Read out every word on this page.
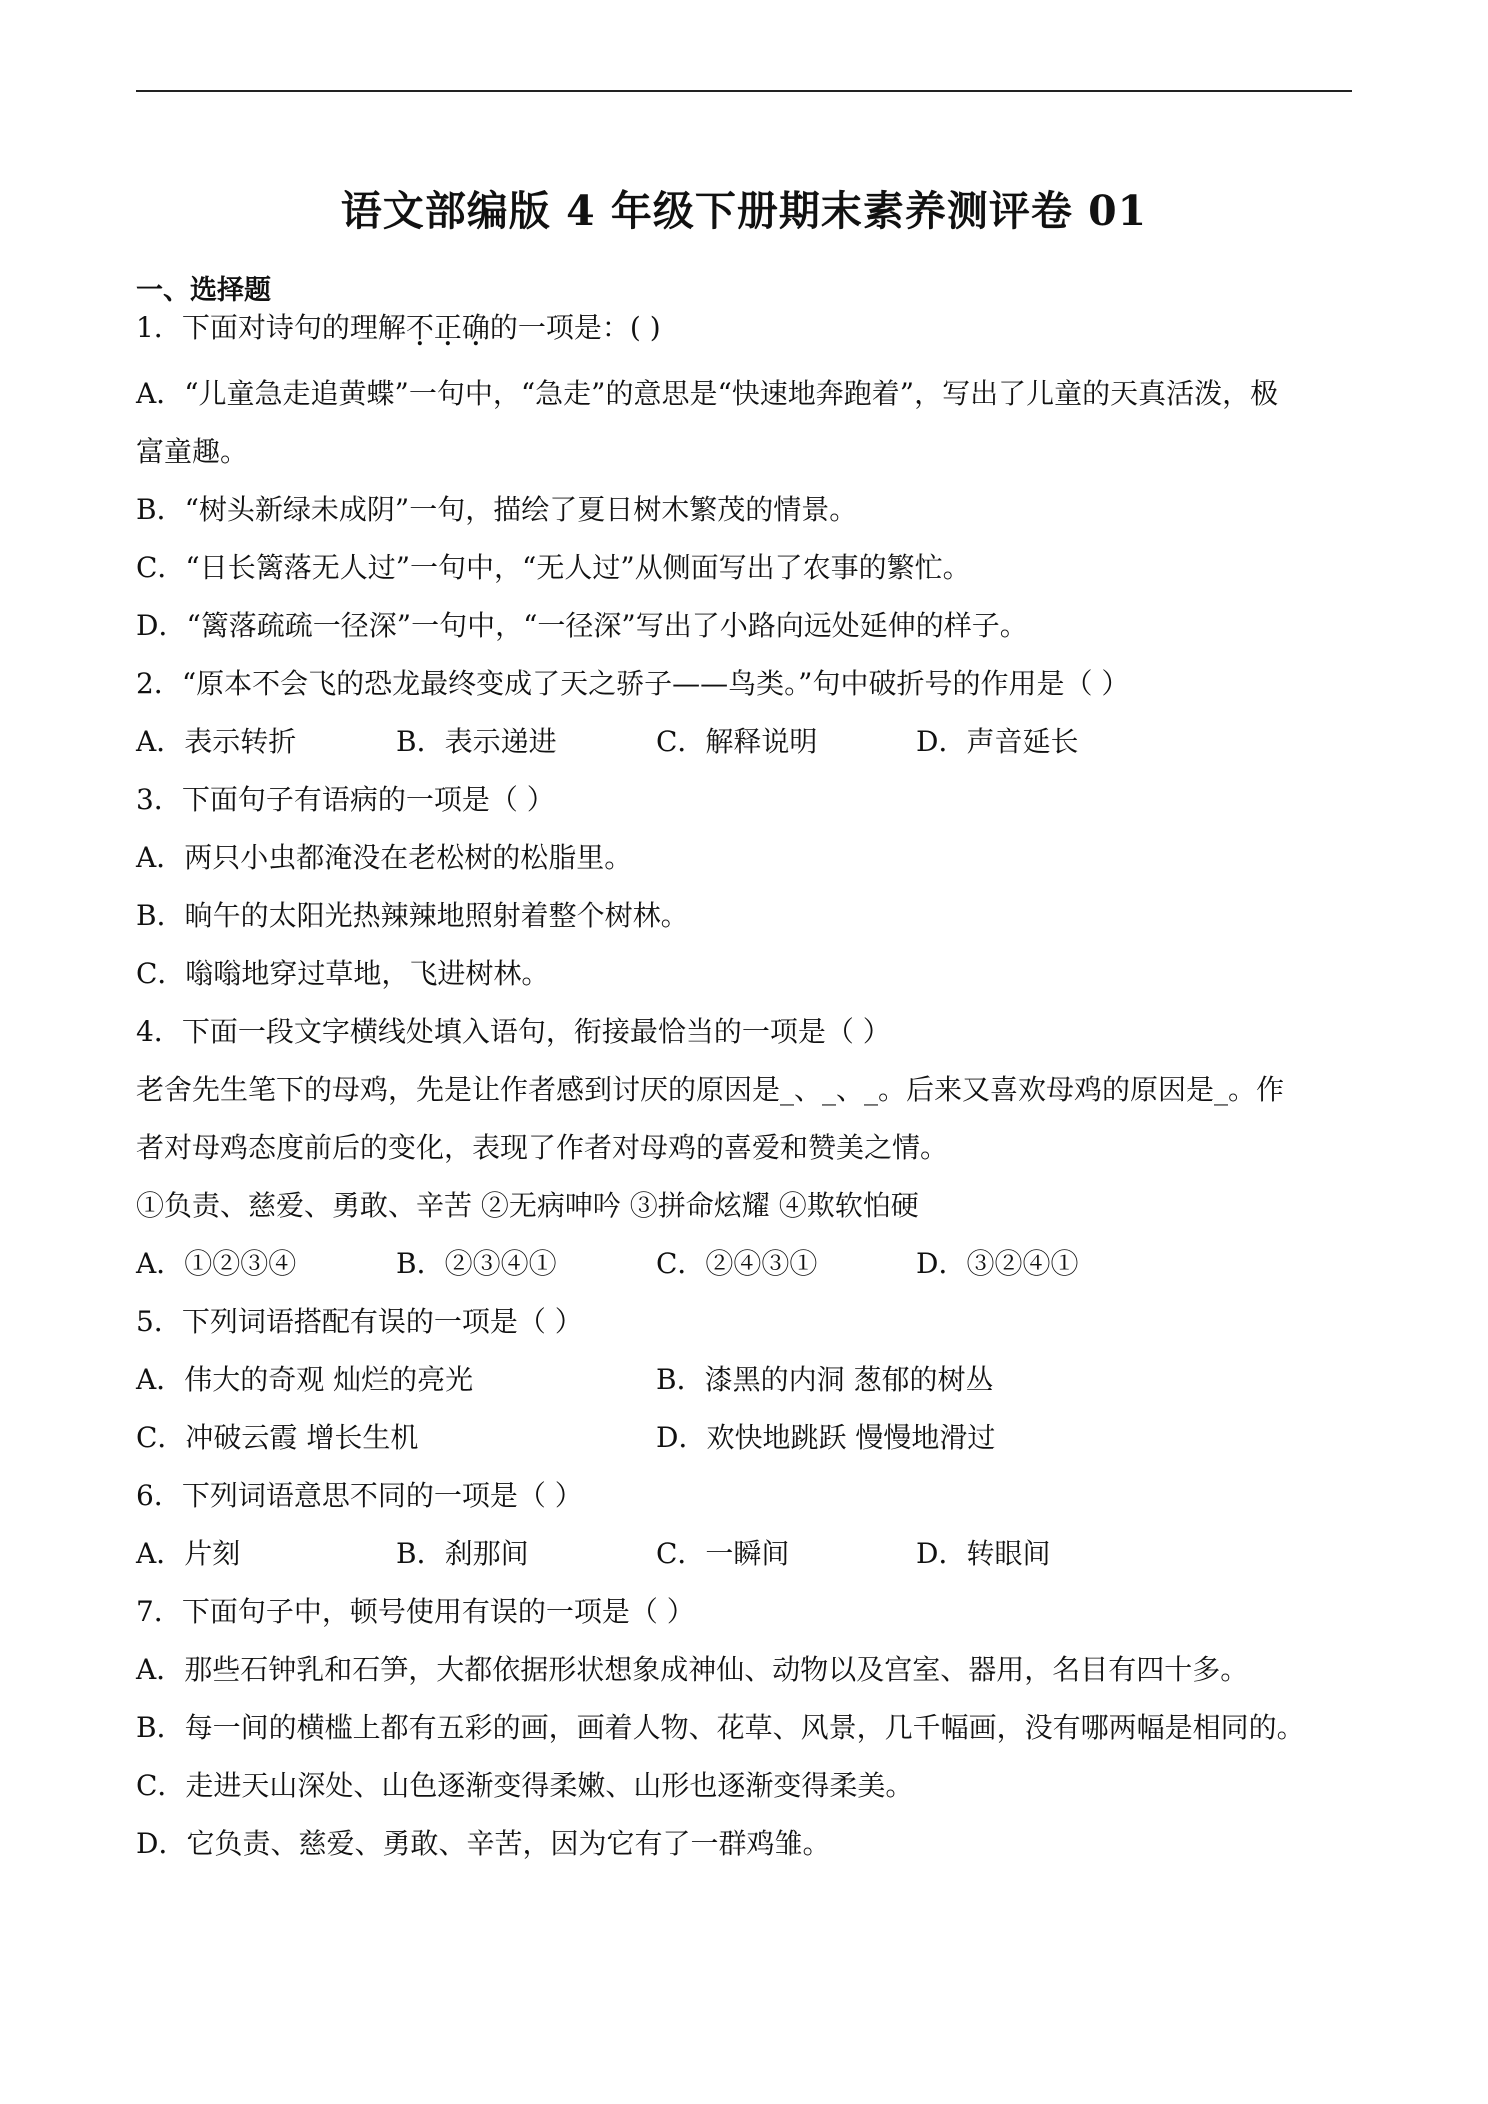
语文部编版 4 年级下册期末素养测评卷 01
一、选择题
1．下面对诗句的理解不正确的一项是：( )
A．“儿童急走追黄蝶”一句中，“急走”的意思是“快速地奔跑着”，写出了儿童的天真活泼，极
富童趣。
B．“树头新绿未成阴”一句，描绘了夏日树木繁茂的情景。
C．“日长篱落无人过”一句中，“无人过”从侧面写出了农事的繁忙。
D．“篱落疏疏一径深”一句中，“一径深”写出了小路向远处延伸的样子。
2．“原本不会飞的恐龙最终变成了天之骄子——鸟类。”句中破折号的作用是（ ）
A．表示转折	B．表示递进	C．解释说明	D．声音延长
3．下面句子有语病的一项是（ ）
A．两只小虫都淹没在老松树的松脂里。
B．晌午的太阳光热辣辣地照射着整个树林。
C．嗡嗡地穿过草地，飞进树林。
4．下面一段文字横线处填入语句，衔接最恰当的一项是（ ）
老舍先生笔下的母鸡，先是让作者感到讨厌的原因是_、_、_。后来又喜欢母鸡的原因是_。作
者对母鸡态度前后的变化，表现了作者对母鸡的喜爱和赞美之情。
①负责、慈爱、勇敢、辛苦 ②无病呻吟 ③拼命炫耀 ④欺软怕硬
A．①②③④	B．②③④①	C．②④③①	D．③②④①
5．下列词语搭配有误的一项是（ ）
A．伟大的奇观 灿烂的亮光	B．漆黑的内洞 葱郁的树丛
C．冲破云霞 增长生机	D．欢快地跳跃 慢慢地滑过
6．下列词语意思不同的一项是（ ）
A．片刻	B．刹那间	C．一瞬间	D．转眼间
7．下面句子中，顿号使用有误的一项是（ ）
A．那些石钟乳和石笋，大都依据形状想象成神仙、动物以及宫室、器用，名目有四十多。
B．每一间的横槛上都有五彩的画，画着人物、花草、风景，几千幅画，没有哪两幅是相同的。
C．走进天山深处、山色逐渐变得柔嫩、山形也逐渐变得柔美。
D．它负责、慈爱、勇敢、辛苦，因为它有了一群鸡雏。
